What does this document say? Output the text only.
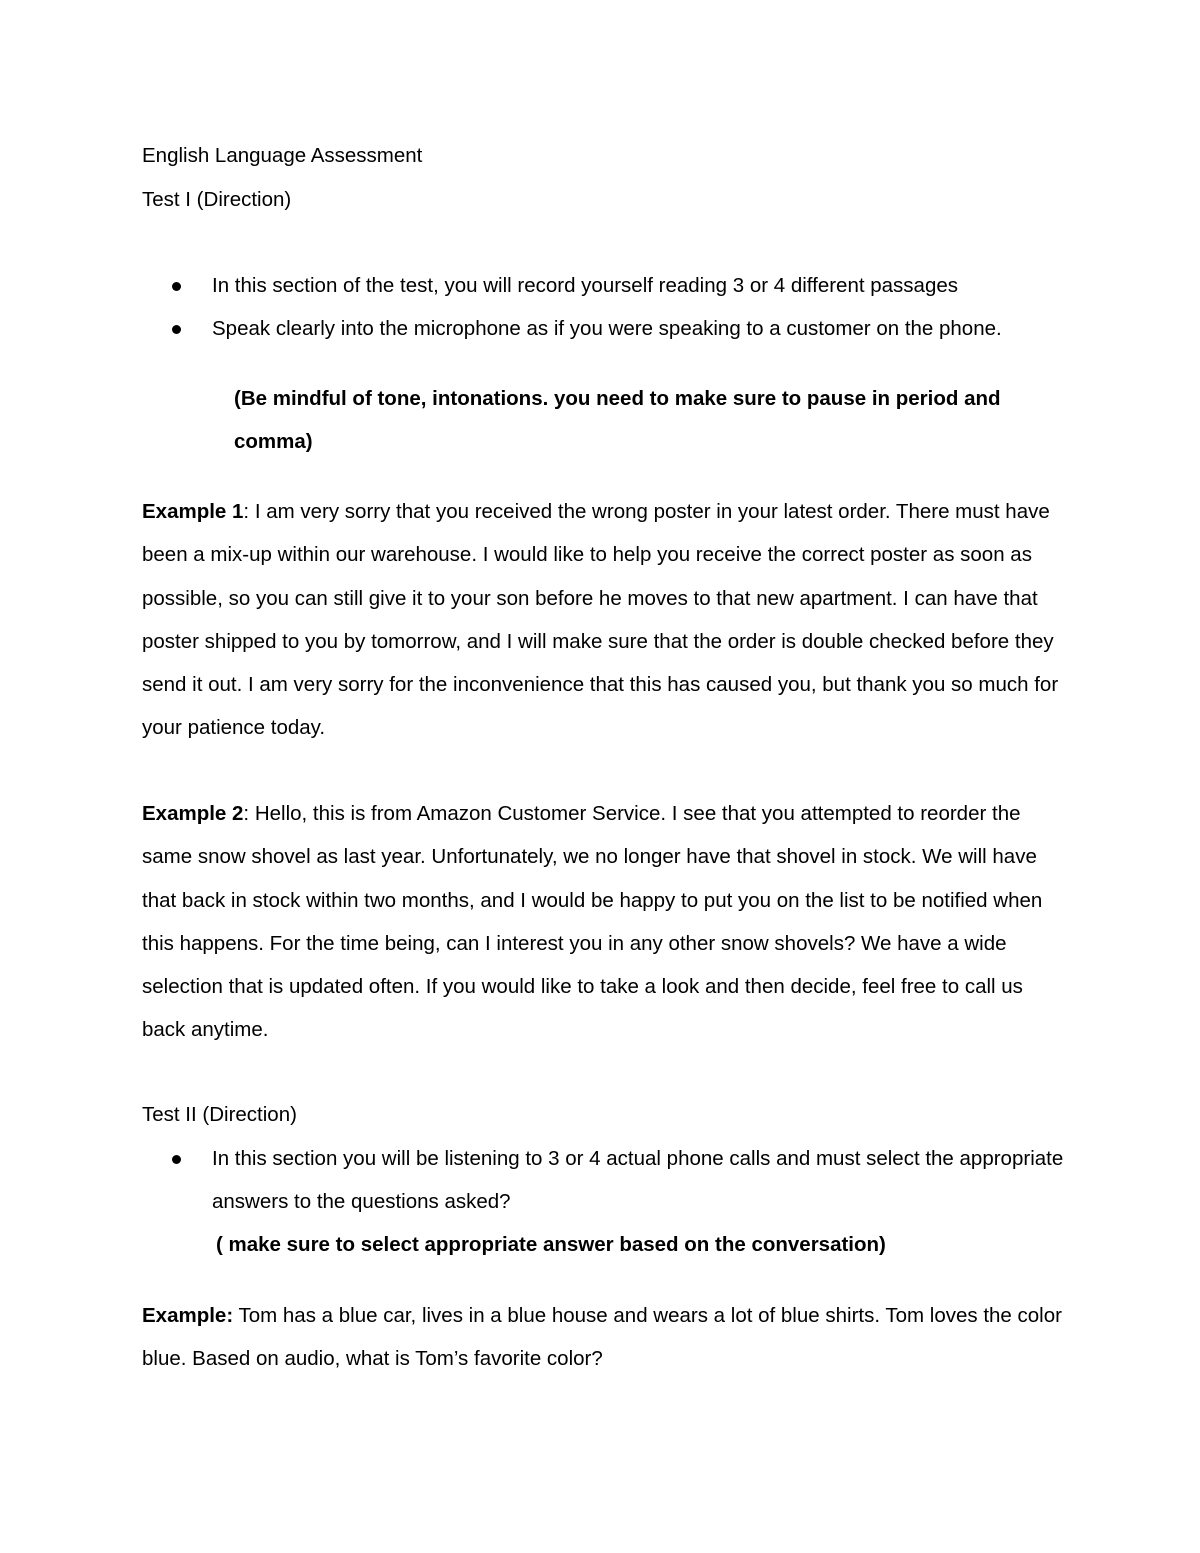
English Language Assessment
Test I (Direction)
In this section of the test, you will record yourself reading 3 or 4 different passages
Speak clearly into the microphone as if you were speaking to a customer on the phone.
(Be mindful of tone, intonations. you need to make sure to pause in period and comma)
Example 1: I am very sorry that you received the wrong poster in your latest order. There must have been a mix-up within our warehouse. I would like to help you receive the correct poster as soon as possible, so you can still give it to your son before he moves to that new apartment. I can have that poster shipped to you by tomorrow, and I will make sure that the order is double checked before they send it out. I am very sorry for the inconvenience that this has caused you, but thank you so much for your patience today.
Example 2: Hello, this is from Amazon Customer Service. I see that you attempted to reorder the same snow shovel as last year. Unfortunately, we no longer have that shovel in stock. We will have that back in stock within two months, and I would be happy to put you on the list to be notified when this happens. For the time being, can I interest you in any other snow shovels? We have a wide selection that is updated often. If you would like to take a look and then decide, feel free to call us back anytime.
Test II (Direction)
In this section you will be listening to 3 or 4 actual phone calls and must select the appropriate answers to the questions asked?
( make sure to select appropriate answer based on the conversation)
Example: Tom has a blue car, lives in a blue house and wears a lot of blue shirts. Tom loves the color blue. Based on audio, what is Tom’s favorite color?
